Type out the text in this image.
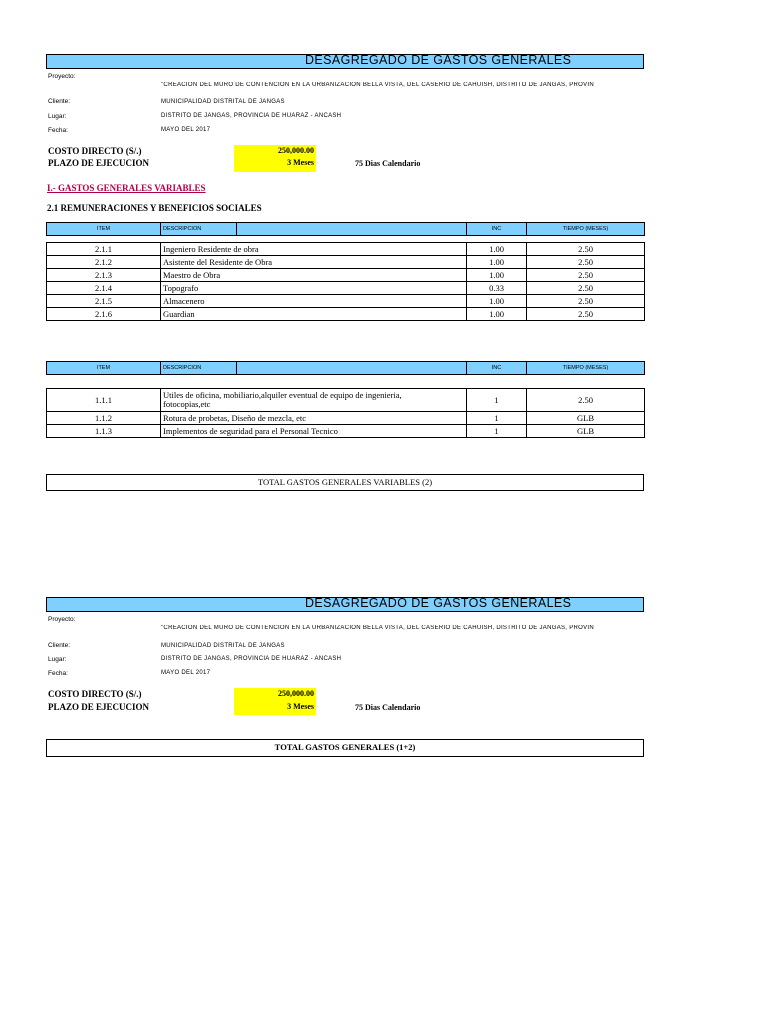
DESAGREGADO DE GASTOS GENERALES
Proyecto:
"CREACIÓN DEL MURO DE CONTENCIÓN EN LA URBANIZACIÓN BELLA VISTA, DEL CASERÍO DE CAHUISH, DISTRITO DE JANGAS, PROVIN
Cliente:	MUNICIPALIDAD DISTRITAL DE JANGAS
Lugar:	DISTRITO DE JANGAS, PROVINCIA DE HUARAZ - ANCASH
Fecha:	MAYO DEL 2017
COSTO DIRECTO (S/.)	250,000.00
PLAZO DE EJECUCION	3 Meses	75 Dias Calendario
I.- GASTOS GENERALES VARIABLES
2.1 REMUNERACIONES Y BENEFICIOS SOCIALES
ITEM	DESCRIPCION		INC	TIEMPO (MESES)
2.1.1	Ingeniero Residente de obra	1.00	2.50
2.1.2	Asistente del Residente de Obra	1.00	2.50
2.1.3	Maestro de Obra	1.00	2.50
2.1.4	Topografo	0.33	2.50
2.1.5	Almacenero	1.00	2.50
2.1.6	Guardian	1.00	2.50
ITEM	DESCRIPCION		INC	TIEMPO (MESES)
1.1.1	Utiles de oficina, mobiliario,alquiler eventual de equipo de ingenieria,
fotocopias,etc	1	2.50
1.1.2	Rotura de probetas, Diseño de mezcla, etc	1	GLB
1.1.3	Implementos de seguridad para el Personal Tecnico	1	GLB
TOTAL GASTOS GENERALES VARIABLES (2)
DESAGREGADO DE GASTOS GENERALES
Proyecto:
"CREACIÓN DEL MURO DE CONTENCIÓN EN LA URBANIZACIÓN BELLA VISTA, DEL CASERÍO DE CAHUISH, DISTRITO DE JANGAS, PROVIN
Cliente:	MUNICIPALIDAD DISTRITAL DE JANGAS
Lugar:	DISTRITO DE JANGAS, PROVINCIA DE HUARAZ - ANCASH
Fecha:	MAYO DEL 2017
COSTO DIRECTO (S/.)	250,000.00
PLAZO DE EJECUCION	3 Meses	75 Dias Calendario
TOTAL GASTOS GENERALES (1+2)
